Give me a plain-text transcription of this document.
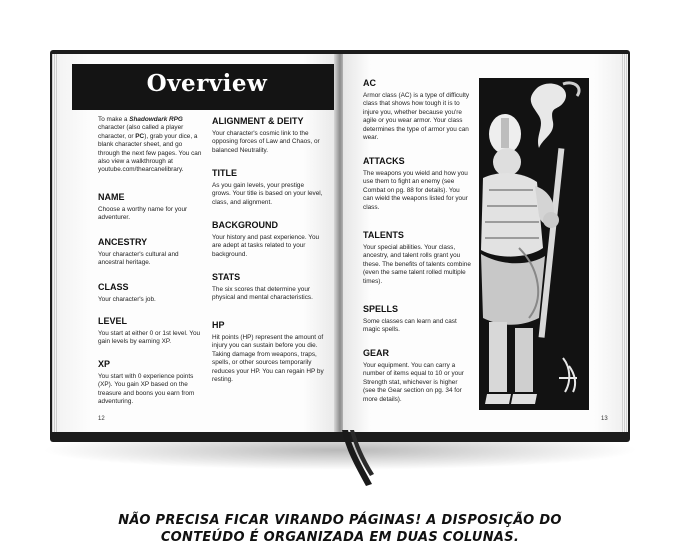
Overview
To make a Shadowdark RPG character (also called a player character, or PC), grab your dice, a blank character sheet, and go through the next few pages. You can also view a walkthrough at youtube.com/thearcanelibrary.
NAME
Choose a worthy name for your adventurer.
ANCESTRY
Your character's cultural and ancestral heritage.
CLASS
Your character's job.
LEVEL
You start at either 0 or 1st level. You gain levels by earning XP.
XP
You start with 0 experience points (XP). You gain XP based on the treasure and boons you earn from adventuring.
ALIGNMENT & DEITY
Your character's cosmic link to the opposing forces of Law and Chaos, or balanced Neutrality.
TITLE
As you gain levels, your prestige grows. Your title is based on your level, class, and alignment.
BACKGROUND
Your history and past experience. You are adept at tasks related to your background.
STATS
The six scores that determine your physical and mental characteristics.
HP
Hit points (HP) represent the amount of injury you can sustain before you die. Taking damage from weapons, traps, spells, or other sources temporarily reduces your HP. You can regain HP by resting.
12
AC
Armor class (AC) is a type of difficulty class that shows how tough it is to injure you, whether because you're agile or you wear armor. Your class determines the type of armor you can wear.
ATTACKS
The weapons you wield and how you use them to fight an enemy (see Combat on pg. 88 for details). You can wield the weapons listed for your class.
TALENTS
Your special abilities. Your class, ancestry, and talent rolls grant you these. The benefits of talents combine (even the same talent rolled multiple times).
SPELLS
Some classes can learn and cast magic spells.
GEAR
Your equipment. You can carry a number of items equal to 10 or your Strength stat, whichever is higher (see the Gear section on pg. 34 for more details).
13
NÃO PRECISA FICAR VIRANDO PÁGINAS! A DISPOSIÇÃO DO
CONTEÚDO É ORGANIZADA EM DUAS COLUNAS.
